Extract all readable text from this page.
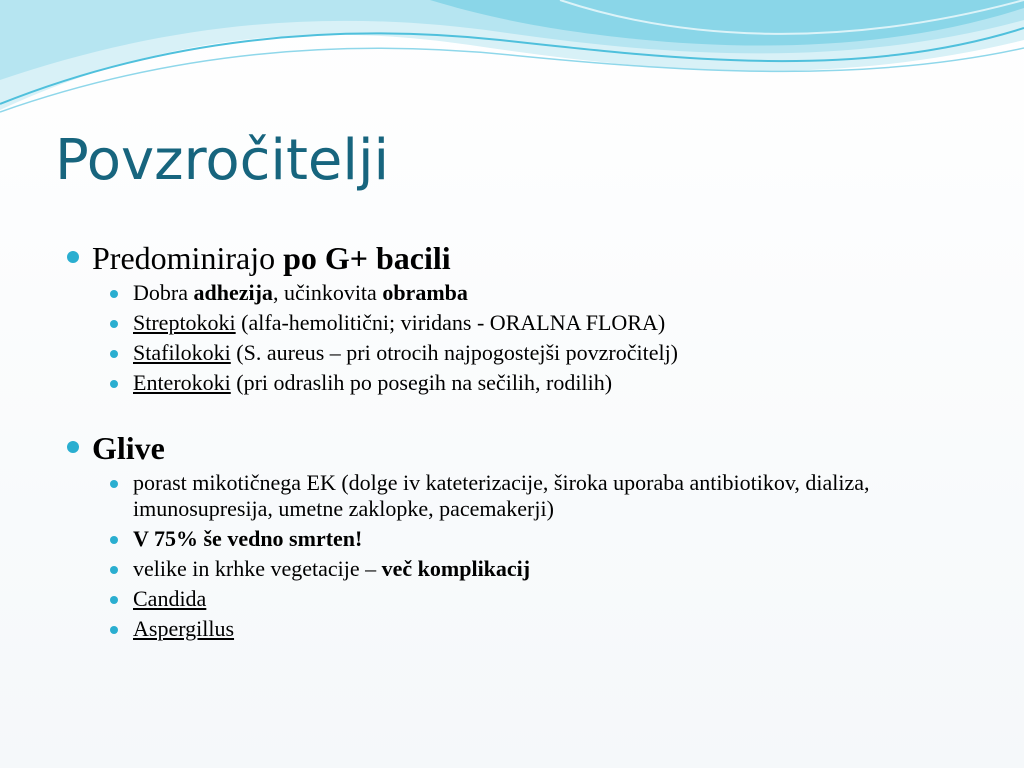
Povzročitelji
Predominirajo po G+ bacili
Dobra adhezija, učinkovita obramba
Streptokoki (alfa-hemolitični; viridans - ORALNA FLORA)
Stafilokoki (S. aureus – pri otrocih najpogostejši povzročitelj)
Enterokoki (pri odraslih po posegih na sečilih, rodilih)
Glive
porast mikotičnega EK (dolge iv kateterizacije, široka uporaba antibiotikov, dializa, imunosupresija, umetne zaklopke, pacemakerji)
V 75% še vedno smrten!
velike in krhke vegetacije – več komplikacij
Candida
Aspergillus
